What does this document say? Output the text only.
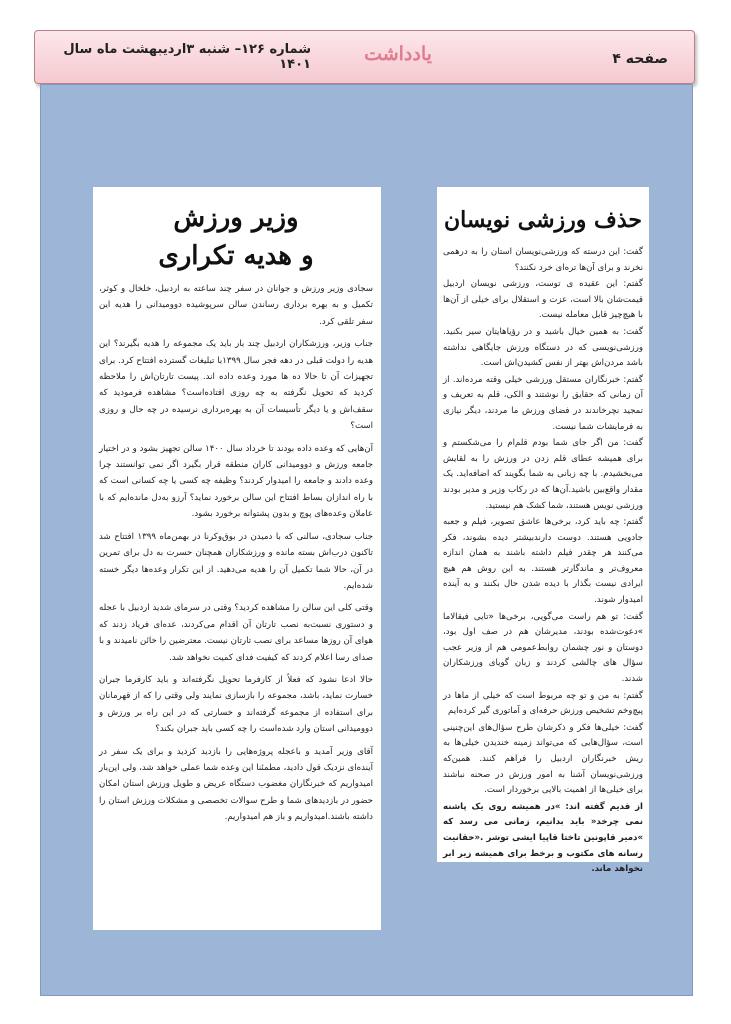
شماره ۱۲۶– شنبه ۳اردیبهشت ماه سال ۱۴۰۱	یادداشت	صفحه ۴
وزیر ورزش
و هدیه تکراری

سجادی وزیر ورزش و جوانان در سفر چند ساعته به اردبیل، خلخال و کوثر، تکمیل و به بهره برداری رساندن سالن سرپوشیده دوومیدانی را هدیه این سفر تلقی کرد.

جناب وزیر، ورزشکاران اردبیل چند بار باید یک مجموعه را هدیه بگیرند؟ این هدیه را دولت قبلی در دهه فجر سال ۱۳۹۹با تبلیغات گسترده افتتاح کرد. برای تجهیزات آن تا حالا ده ها مورد وعده داده اند. پیست تارتان‌اش را ملاحظه کردید که تحویل نگرفته به چه روزی افتاده‌است؟ مشاهده فرمودید که سقف‌اش و یا دیگر تأسیسات آن به بهره‌برداری نرسیده در چه حال و روزی است؟

آن‌هایی که وعده داده بودند تا خرداد سال ۱۴۰۰ سالن تجهیز بشود و در اختیار جامعه ورزش و دوومیدانی کاران منطقه قرار بگیرد اگر نمی توانستند چرا وعده دادند و جامعه را امیدوار کردند؟ وظیفه چه کسی یا چه کسانی است که با راه اندازان بساط افتتاح این سالن برخورد نماید؟ آرزو به‌دل مانده‌ایم که با عاملان وعده‌های پوچ و بدون پشتوانه برخورد بشود.

جناب سجادی، سالنی که با دمیدن در بوق‌وکرنا در بهمن‌ماه ۱۳۹۹ افتتاح شد تاکنون درب‌اش بسته مانده و ورزشکاران همچنان حسرت به دل برای تمرین در آن، حالا شما تکمیل آن را هدیه می‌دهید. از این تکرار وعده‌ها دیگر خسته شده‌ایم.

وقتی کلی این سالن را مشاهده کردید؟ وقتی در سرمای شدید اردبیل با عجله و دستوری نسبت‌به نصب تارتان آن اقدام می‌کردند، عده‌ای فریاد زدند که هوای آن روزها مساعد برای نصب تارتان نیست. معترضین را خائن نامیدند و با صدای رسا اعلام کردند که کیفیت فدای کمیت نخواهد شد.

حالا ادعا نشود که فعلاً از کارفرما تحویل نگرفته‌اند و باید کارفرما جبران خسارت نماید، باشد، مجموعه را بازسازی نمایند ولی وقتی را که از قهرمانان برای استفاده از مجموعه گرفته‌اند و خسارتی که در این راه بر ورزش و دوومیدانی استان وارد شده‌است را چه کسی باید جبران بکند؟

آقای وزیر آمدید و باعجله پروژه‌هایی را بازدید کردید و برای یک سفر در آینده‌ای نزدیک قول دادید، مطمئنا این وعده شما عملی خواهد شد، ولی این‌بار امیدواریم که خبرنگاران مغضوب دستگاه عریض و طویل ورزش استان امکان حضور در بازدیدهای شما و طرح سوالات تخصصی و مشکلات ورزش استان را داشته باشند.امیدواریم و باز هم امیدواریم.

حذف ورزشی نویسان

گفت: این درسته که ورزشی‌نویسان استان را به درهمی نخرند و برای آن‌ها تره‌ای خرد نکنند؟

گفتم: این عقیده ی توست، ورزشی نویسان اردبیل قیمت‌شان بالا است، عزت و استقلال برای خیلی از آن‌ها با هیچ‌چیز قابل معامله نیست.

گفت: به همین خیال باشید و در رؤیاهایتان سیر بکنید. ورزشی‌نویسی که در دستگاه ورزش جایگاهی نداشته باشد مردن‌اش بهتر از نفس کشیدن‌اش است.

گفتم: خبرنگاران مستقل ورزشی خیلی وقته مرده‌اند. از آن زمانی که حقایق را نوشتند و الکی، قلم به تعریف و تمجید نچرخاندند در فضای ورزش ما مردند، دیگر نیازی به فرمایشات شما نیست.

گفت: من اگر جای شما بودم قلم‌ام را می‌شکستم و برای همیشه عطای قلم زدن در ورزش را به لقایش می‌بخشیدم. با چه زبانی به شما بگویند که اضافه‌اید. یک مقدار واقع‌بین باشید.آن‌ها که در رکاب وزیر و مدیر بودند ورزشی نویس هستند، شما کشک هم نیستید.

گفتم: چه باید کرد، برخی‌ها عاشق تصویر، فیلم و جعبه جادویی هستند. دوست دارندبیشتر دیده بشوند، فکر می‌کنند هر چقدر فیلم داشته باشند به همان اندازه معروف‌تر و ماندگارتر هستند. به این روش هم هیچ ایرادی نیست بگذار با دیده شدن حال بکنند و به آینده امیدوار شوند.

گفت: تو هم راست می‌گویی، برخی‌ها «تایی فیقالاما »دعوت‌شده بودند، مدیرشان هم در صف اول بود، دوستان و نور چشمان روابط‌عمومی هم از وزیر عجب سؤال های چالشی کردند و زبان گویای ورزشکاران شدند.

گفتم: به من و تو چه مربوط است که خیلی از ماها در پیچ‌وخم تشخیص ورزش حرفه‌ای و آماتوری گیر کرده‌ایم

گفت: خیلی‌ها فکر و ذکرشان طرح سؤال‌های این‌چنینی است، سؤال‌هایی که می‌تواند زمینه خندیدن خیلی‌ها به ریش خبرنگاران اردبیل را فراهم کنند. همین‌که ورزشی‌نویسان آشنا به امور ورزش در صحنه نباشند برای خیلی‌ها از اهمیت بالایی برخوردار است.

از قدیم گفته اند: »در همیشه روی یک پاشنه نمی چرخد« باید بدانیم، زمانی می رسد که »دمیر قاپونین تاختا قاپیا ایشی توشر .«حقانیت رسانه های مکتوب و برخط برای همیشه زیر ابر نخواهد ماند.
